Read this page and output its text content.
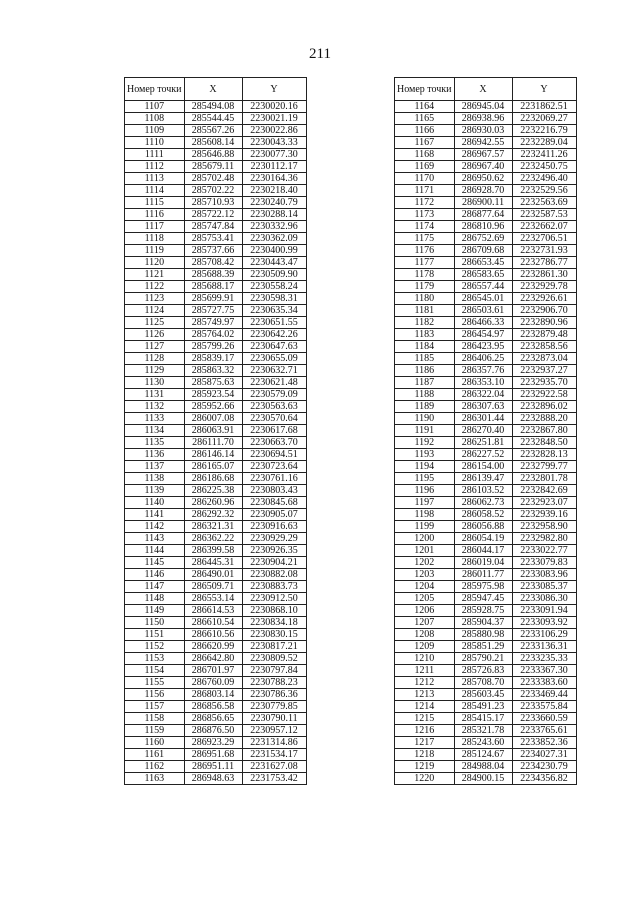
211
Номер точки	X	Y
1107	285494.08	2230020.16
1108	285544.45	2230021.19
1109	285567.26	2230022.86
1110	285608.14	2230043.33
1111	285646.88	2230077.30
1112	285679.11	2230112.17
1113	285702.48	2230164.36
1114	285702.22	2230218.40
1115	285710.93	2230240.79
1116	285722.12	2230288.14
1117	285747.84	2230332.96
1118	285753.41	2230362.09
1119	285737.66	2230400.99
1120	285708.42	2230443.47
1121	285688.39	2230509.90
1122	285688.17	2230558.24
1123	285699.91	2230598.31
1124	285727.75	2230635.34
1125	285749.97	2230651.55
1126	285764.02	2230642.26
1127	285799.26	2230647.63
1128	285839.17	2230655.09
1129	285863.32	2230632.71
1130	285875.63	2230621.48
1131	285923.54	2230579.09
1132	285952.66	2230563.63
1133	286007.08	2230570.64
1134	286063.91	2230617.68
1135	286111.70	2230663.70
1136	286146.14	2230694.51
1137	286165.07	2230723.64
1138	286186.68	2230761.16
1139	286225.38	2230803.43
1140	286260.96	2230845.68
1141	286292.32	2230905.07
1142	286321.31	2230916.63
1143	286362.22	2230929.29
1144	286399.58	2230926.35
1145	286445.31	2230904.21
1146	286490.01	2230882.08
1147	286509.71	2230883.73
1148	286553.14	2230912.50
1149	286614.53	2230868.10
1150	286610.54	2230834.18
1151	286610.56	2230830.15
1152	286620.99	2230817.21
1153	286642.80	2230809.52
1154	286701.97	2230797.84
1155	286760.09	2230788.23
1156	286803.14	2230786.36
1157	286856.58	2230779.85
1158	286856.65	2230790.11
1159	286876.50	2230957.12
1160	286923.29	2231314.86
1161	286951.68	2231534.17
1162	286951.11	2231627.08
1163	286948.63	2231753.42
Номер точки	X	Y
1164	286945.04	2231862.51
1165	286938.96	2232069.27
1166	286930.03	2232216.79
1167	286942.55	2232289.04
1168	286967.57	2232411.26
1169	286967.40	2232450.75
1170	286950.62	2232496.40
1171	286928.70	2232529.56
1172	286900.11	2232563.69
1173	286877.64	2232587.53
1174	286810.96	2232662.07
1175	286752.69	2232706.51
1176	286709.68	2232731.93
1177	286653.45	2232786.77
1178	286583.65	2232861.30
1179	286557.44	2232929.78
1180	286545.01	2232926.61
1181	286503.61	2232906.70
1182	286466.33	2232890.96
1183	286454.97	2232879.48
1184	286423.95	2232858.56
1185	286406.25	2232873.04
1186	286357.76	2232937.27
1187	286353.10	2232935.70
1188	286322.04	2232922.58
1189	286307.63	2232896.02
1190	286301.44	2232888.20
1191	286270.40	2232867.80
1192	286251.81	2232848.50
1193	286227.52	2232828.13
1194	286154.00	2232799.77
1195	286139.47	2232801.78
1196	286103.52	2232842.69
1197	286062.73	2232923.07
1198	286058.52	2232939.16
1199	286056.88	2232958.90
1200	286054.19	2232982.80
1201	286044.17	2233022.77
1202	286019.04	2233079.83
1203	286011.77	2233083.96
1204	285975.98	2233085.37
1205	285947.45	2233086.30
1206	285928.75	2233091.94
1207	285904.37	2233093.92
1208	285880.98	2233106.29
1209	285851.29	2233136.31
1210	285790.21	2233235.33
1211	285726.83	2233367.30
1212	285708.70	2233383.60
1213	285603.45	2233469.44
1214	285491.23	2233575.84
1215	285415.17	2233660.59
1216	285321.78	2233765.61
1217	285243.60	2233852.36
1218	285124.67	2234027.31
1219	284988.04	2234230.79
1220	284900.15	2234356.82
